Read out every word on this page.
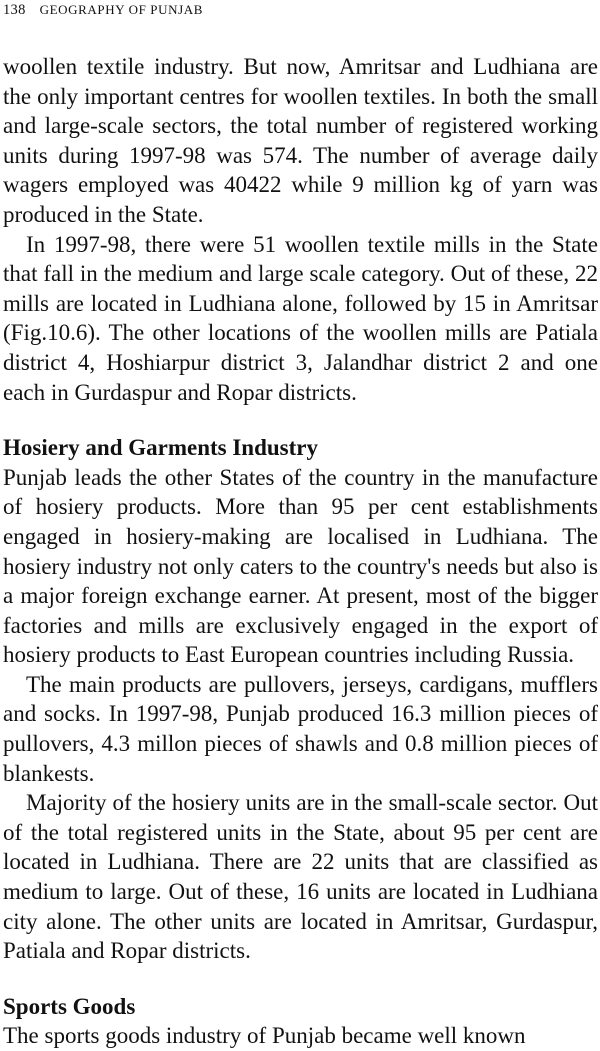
138 GEOGRAPHY OF PUNJAB

woollen textile industry. But now, Amritsar and Ludhiana are the only important centres for woollen textiles. In both the small and large-scale sectors, the total number of registered working units during 1997-98 was 574. The number of average daily wagers employed was 40422 while 9 million kg of yarn was produced in the State.

In 1997-98, there were 51 woollen textile mills in the State that fall in the medium and large scale category. Out of these, 22 mills are located in Ludhiana alone, followed by 15 in Amritsar (Fig.10.6). The other locations of the woollen mills are Patiala district 4, Hoshiarpur district 3, Jalandhar district 2 and one each in Gurdaspur and Ropar districts.

Hosiery and Garments Industry

Punjab leads the other States of the country in the manufacture of hosiery products. More than 95 per cent establishments engaged in hosiery-making are localised in Ludhiana. The hosiery industry not only caters to the country's needs but also is a major foreign exchange earner. At present, most of the bigger factories and mills are exclusively engaged in the export of hosiery products to East European countries including Russia.

The main products are pullovers, jerseys, cardigans, mufflers and socks. In 1997-98, Punjab produced 16.3 million pieces of pullovers, 4.3 millon pieces of shawls and 0.8 million pieces of blankests.

Majority of the hosiery units are in the small-scale sector. Out of the total registered units in the State, about 95 per cent are located in Ludhiana. There are 22 units that are classified as medium to large. Out of these, 16 units are located in Ludhiana city alone. The other units are located in Amritsar, Gurdaspur, Patiala and Ropar districts.

Sports Goods

The sports goods industry of Punjab became well known
